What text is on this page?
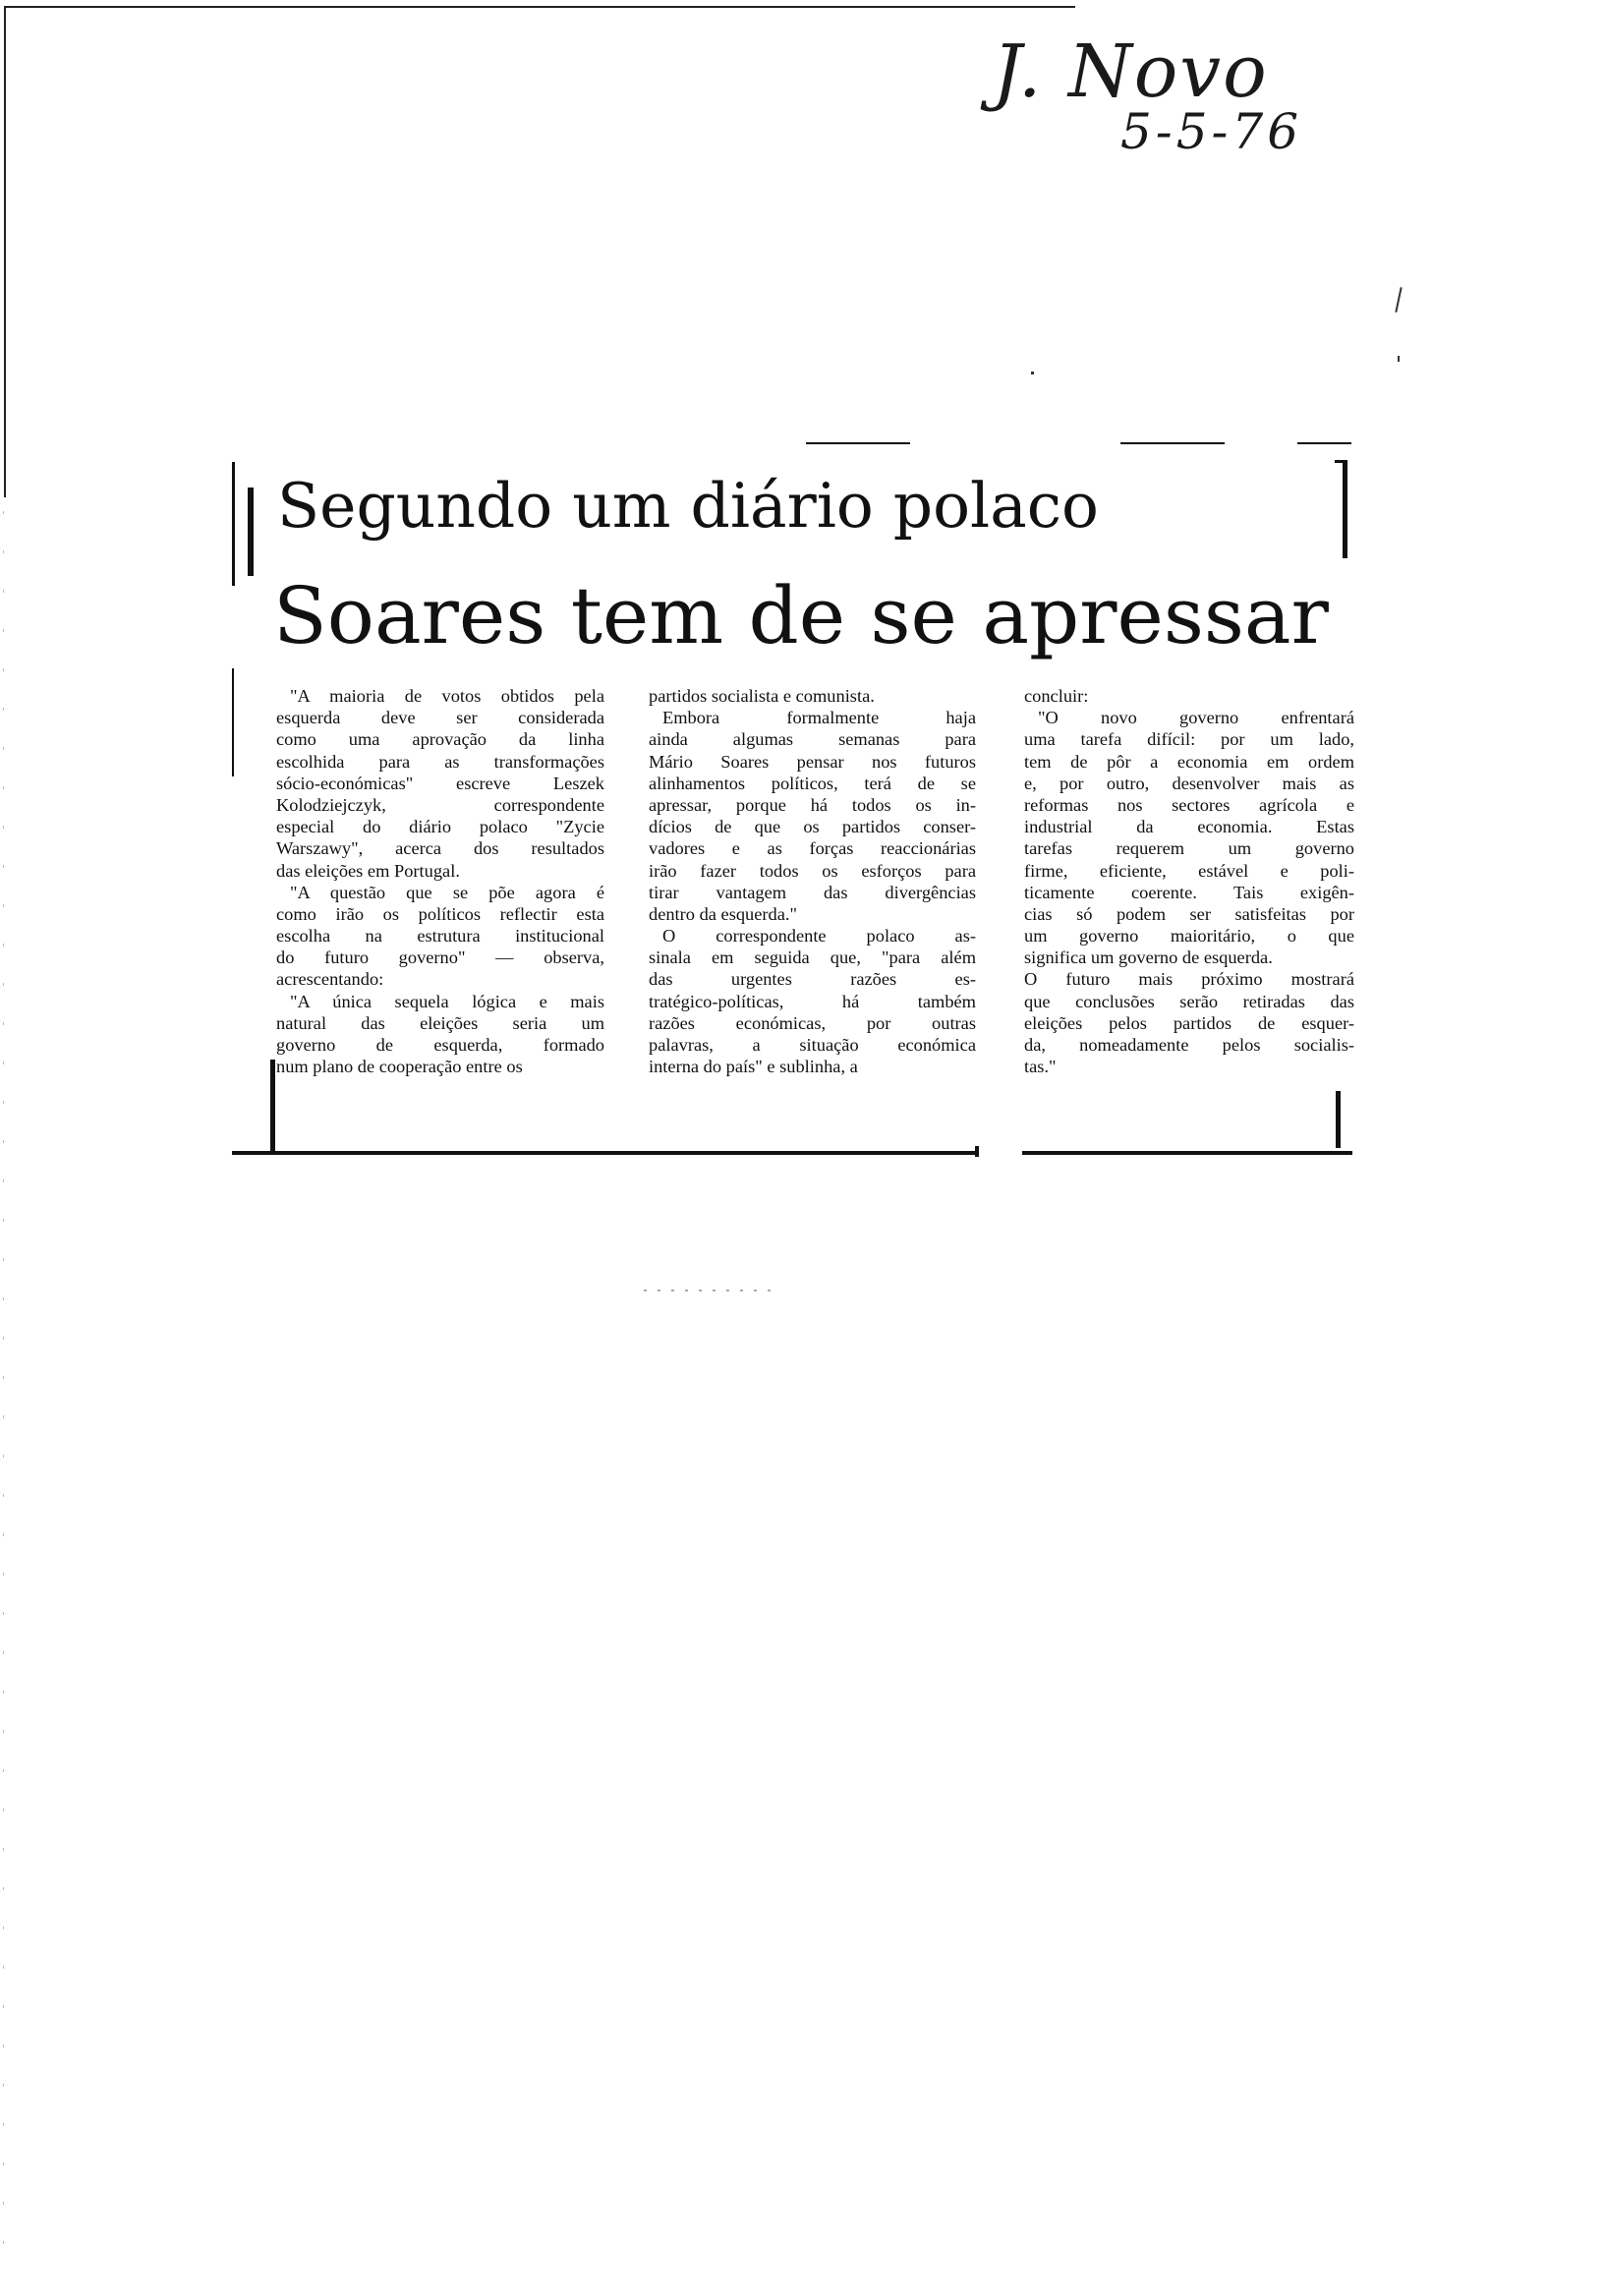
J. Novo
5-5-76
Segundo um diário polaco
Soares tem de se apressar
"A maioria de votos obtidos pela
esquerda deve ser considerada
como uma aprovação da linha
escolhida para as transformações
sócio-económicas" escreve Leszek
Kolodziejczyk, correspondente
especial do diário polaco "Zycie
Warszawy", acerca dos resultados
das eleições em Portugal.
"A questão que se põe agora é
como irão os políticos reflectir esta
escolha na estrutura institucional
do futuro governo" — observa,
acrescentando:
"A única sequela lógica e mais
natural das eleições seria um
governo de esquerda, formado
num plano de cooperação entre os
partidos socialista e comunista.
Embora formalmente haja
ainda algumas semanas para
Mário Soares pensar nos futuros
alinhamentos políticos, terá de se
apressar, porque há todos os in-
dícios de que os partidos conser-
vadores e as forças reaccionárias
irão fazer todos os esforços para
tirar vantagem das divergências
dentro da esquerda."
O correspondente polaco as-
sinala em seguida que, "para além
das urgentes razões es-
tratégico-políticas, há também
razões económicas, por outras
palavras, a situação económica
interna do país" e sublinha, a
concluir:
"O novo governo enfrentará
uma tarefa difícil: por um lado,
tem de pôr a economia em ordem
e, por outro, desenvolver mais as
reformas nos sectores agrícola e
industrial da economia. Estas
tarefas requerem um governo
firme, eficiente, estável e poli-
ticamente coerente. Tais exigên-
cias só podem ser satisfeitas por
um governo maioritário, o que
significa um governo de esquerda.
O futuro mais próximo mostrará
que conclusões serão retiradas das
eleições pelos partidos de esquer-
da, nomeadamente pelos socialis-
tas."
